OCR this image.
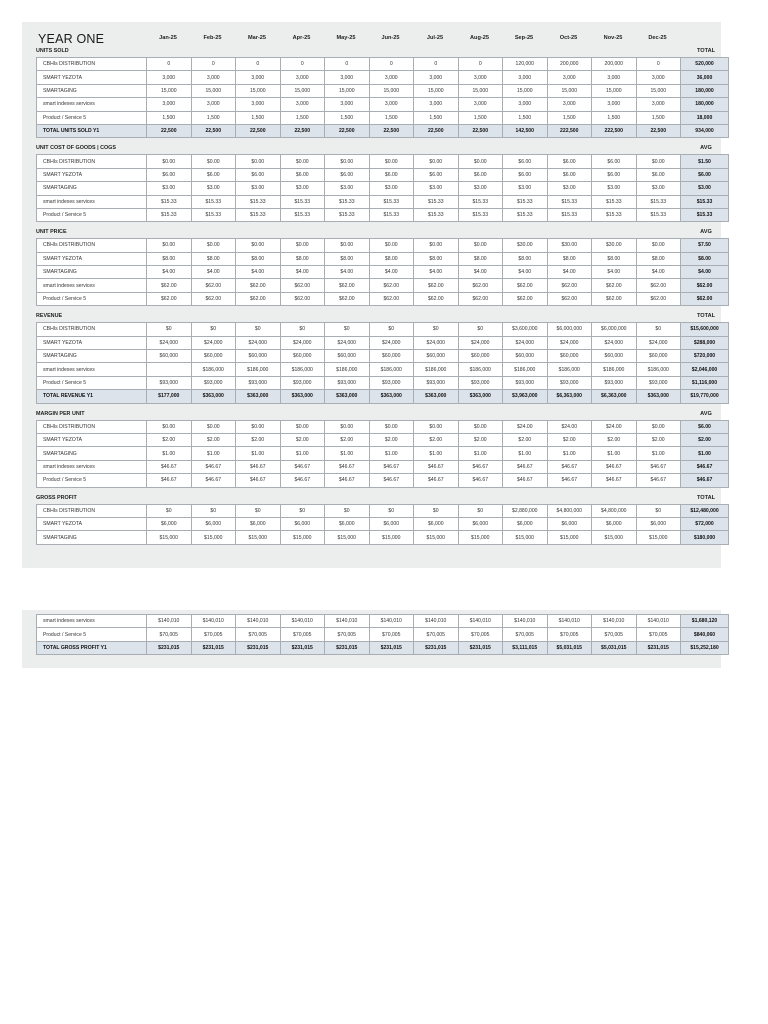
YEAR ONE	Jan-25	Feb-25	Mar-25	Apr-25	May-25	Jun-25	Jul-25	Aug-25	Sep-25	Oct-25	Nov-25	Dec-25
UNITS SOLD	TOTAL
CBHIs DISTRIBUTION	0	0	0	0	0	0	0	0	120,000	200,000	200,000	0	520,000
SMART YEZOTA	3,000	3,000	3,000	3,000	3,000	3,000	3,000	3,000	3,000	3,000	3,000	3,000	36,000
SMARTAGING	15,000	15,000	15,000	15,000	15,000	15,000	15,000	15,000	15,000	15,000	15,000	15,000	180,000
smart indexes services	3,000	3,000	3,000	3,000	3,000	3,000	3,000	3,000	3,000	3,000	3,000	3,000	180,000
Product / Service 5	1,500	1,500	1,500	1,500	1,500	1,500	1,500	1,500	1,500	1,500	1,500	1,500	18,000
TOTAL UNITS SOLD Y1	22,500	22,500	22,500	22,500	22,500	22,500	22,500	22,500	142,500	222,500	222,500	22,500	934,000
UNIT COST OF GOODS | COGS	AVG
CBHIs DISTRIBUTION	$0.00	$0.00	$0.00	$0.00	$0.00	$0.00	$0.00	$0.00	$6.00	$6.00	$6.00	$0.00	$1.50
SMART YEZOTA	$6.00	$6.00	$6.00	$6.00	$6.00	$6.00	$6.00	$6.00	$6.00	$6.00	$6.00	$6.00	$6.00
SMARTAGING	$3.00	$3.00	$3.00	$3.00	$3.00	$3.00	$3.00	$3.00	$3.00	$3.00	$3.00	$3.00	$3.00
smart indexes services	$15.33	$15.33	$15.33	$15.33	$15.33	$15.33	$15.33	$15.33	$15.33	$15.33	$15.33	$15.33	$15.33
Product / Service 5	$15.33	$15.33	$15.33	$15.33	$15.33	$15.33	$15.33	$15.33	$15.33	$15.33	$15.33	$15.33	$15.33
UNIT PRICE	AVG
CBHIs DISTRIBUTION	$0.00	$0.00	$0.00	$0.00	$0.00	$0.00	$0.00	$0.00	$30.00	$30.00	$30.00	$0.00	$7.50
SMART YEZOTA	$8.00	$8.00	$8.00	$8.00	$8.00	$8.00	$8.00	$8.00	$8.00	$8.00	$8.00	$8.00	$8.00
SMARTAGING	$4.00	$4.00	$4.00	$4.00	$4.00	$4.00	$4.00	$4.00	$4.00	$4.00	$4.00	$4.00	$4.00
smart indexes services	$62.00	$62.00	$62.00	$62.00	$62.00	$62.00	$62.00	$62.00	$62.00	$62.00	$62.00	$62.00	$62.00
Product / Service 5	$62.00	$62.00	$62.00	$62.00	$62.00	$62.00	$62.00	$62.00	$62.00	$62.00	$62.00	$62.00	$62.00
REVENUE	TOTAL
CBHIs DISTRIBUTION	$0	$0	$0	$0	$0	$0	$0	$0	$3,600,000	$6,000,000	$6,000,000	$0	$15,600,000
SMART YEZOTA	$24,000	$24,000	$24,000	$24,000	$24,000	$24,000	$24,000	$24,000	$24,000	$24,000	$24,000	$24,000	$288,000
SMARTAGING	$60,000	$60,000	$60,000	$60,000	$60,000	$60,000	$60,000	$60,000	$60,000	$60,000	$60,000	$60,000	$720,000
smart indexes services		$186,000	$186,000	$186,000	$186,000	$186,000	$186,000	$186,000	$186,000	$186,000	$186,000	$186,000	$2,046,000
Product / Service 5	$93,000	$93,000	$93,000	$93,000	$93,000	$93,000	$93,000	$93,000	$93,000	$93,000	$93,000	$93,000	$1,116,000
TOTAL REVENUE Y1	$177,000	$363,000	$363,000	$363,000	$363,000	$363,000	$363,000	$363,000	$3,963,000	$6,363,000	$6,363,000	$363,000	$19,770,000
MARGIN PER UNIT	AVG
CBHIs DISTRIBUTION	$0.00	$0.00	$0.00	$0.00	$0.00	$0.00	$0.00	$0.00	$24.00	$24.00	$24.00	$0.00	$6.00
SMART YEZOTA	$2.00	$2.00	$2.00	$2.00	$2.00	$2.00	$2.00	$2.00	$2.00	$2.00	$2.00	$2.00	$2.00
SMARTAGING	$1.00	$1.00	$1.00	$1.00	$1.00	$1.00	$1.00	$1.00	$1.00	$1.00	$1.00	$1.00	$1.00
smart indexes services	$46.67	$46.67	$46.67	$46.67	$46.67	$46.67	$46.67	$46.67	$46.67	$46.67	$46.67	$46.67	$46.67
Product / Service 5	$46.67	$46.67	$46.67	$46.67	$46.67	$46.67	$46.67	$46.67	$46.67	$46.67	$46.67	$46.67	$46.67
GROSS PROFIT	TOTAL
CBHIs DISTRIBUTION	$0	$0	$0	$0	$0	$0	$0	$0	$2,880,000	$4,800,000	$4,800,000	$0	$12,480,000
SMART YEZOTA	$6,000	$6,000	$6,000	$6,000	$6,000	$6,000	$6,000	$6,000	$6,000	$6,000	$6,000	$6,000	$72,000
SMARTAGING	$15,000	$15,000	$15,000	$15,000	$15,000	$15,000	$15,000	$15,000	$15,000	$15,000	$15,000	$15,000	$180,000
smart indexes services	$140,010	$140,010	$140,010	$140,010	$140,010	$140,010	$140,010	$140,010	$140,010	$140,010	$140,010	$140,010	$1,680,120
Product / Service 5	$70,005	$70,005	$70,005	$70,005	$70,005	$70,005	$70,005	$70,005	$70,005	$70,005	$70,005	$70,005	$840,060
TOTAL GROSS PROFIT Y1	$231,015	$231,015	$231,015	$231,015	$231,015	$231,015	$231,015	$231,015	$3,111,015	$5,031,015	$5,031,015	$231,015	$15,252,180
